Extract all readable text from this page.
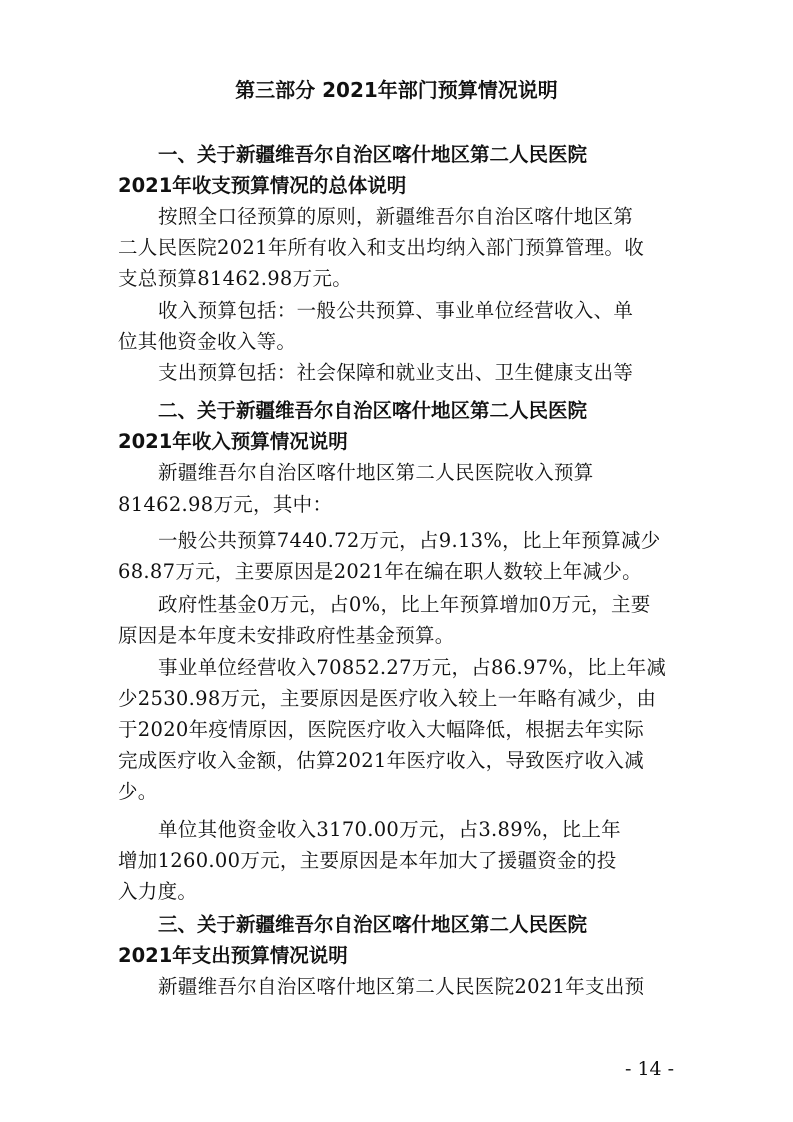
第三部分 2021年部门预算情况说明
一、关于新疆维吾尔自治区喀什地区第二人民医院
2021年收支预算情况的总体说明
按照全口径预算的原则，新疆维吾尔自治区喀什地区第
二人民医院2021年所有收入和支出均纳入部门预算管理。收
支总预算81462.98万元。
收入预算包括：一般公共预算、事业单位经营收入、单
位其他资金收入等。
支出预算包括：社会保障和就业支出、卫生健康支出等
二、关于新疆维吾尔自治区喀什地区第二人民医院
2021年收入预算情况说明
新疆维吾尔自治区喀什地区第二人民医院收入预算
81462.98万元，其中：
一般公共预算7440.72万元，占9.13%，比上年预算减少
68.87万元，主要原因是2021年在编在职人数较上年减少。
政府性基金0万元，占0%，比上年预算增加0万元，主要
原因是本年度未安排政府性基金预算。
事业单位经营收入70852.27万元，占86.97%，比上年减
少2530.98万元，主要原因是医疗收入较上一年略有减少，由
于2020年疫情原因，医院医疗收入大幅降低，根据去年实际
完成医疗收入金额，估算2021年医疗收入，导致医疗收入减
少。
单位其他资金收入3170.00万元，占3.89%，比上年
增加1260.00万元，主要原因是本年加大了援疆资金的投
入力度。
三、关于新疆维吾尔自治区喀什地区第二人民医院
2021年支出预算情况说明
新疆维吾尔自治区喀什地区第二人民医院2021年支出预
- 14 -
